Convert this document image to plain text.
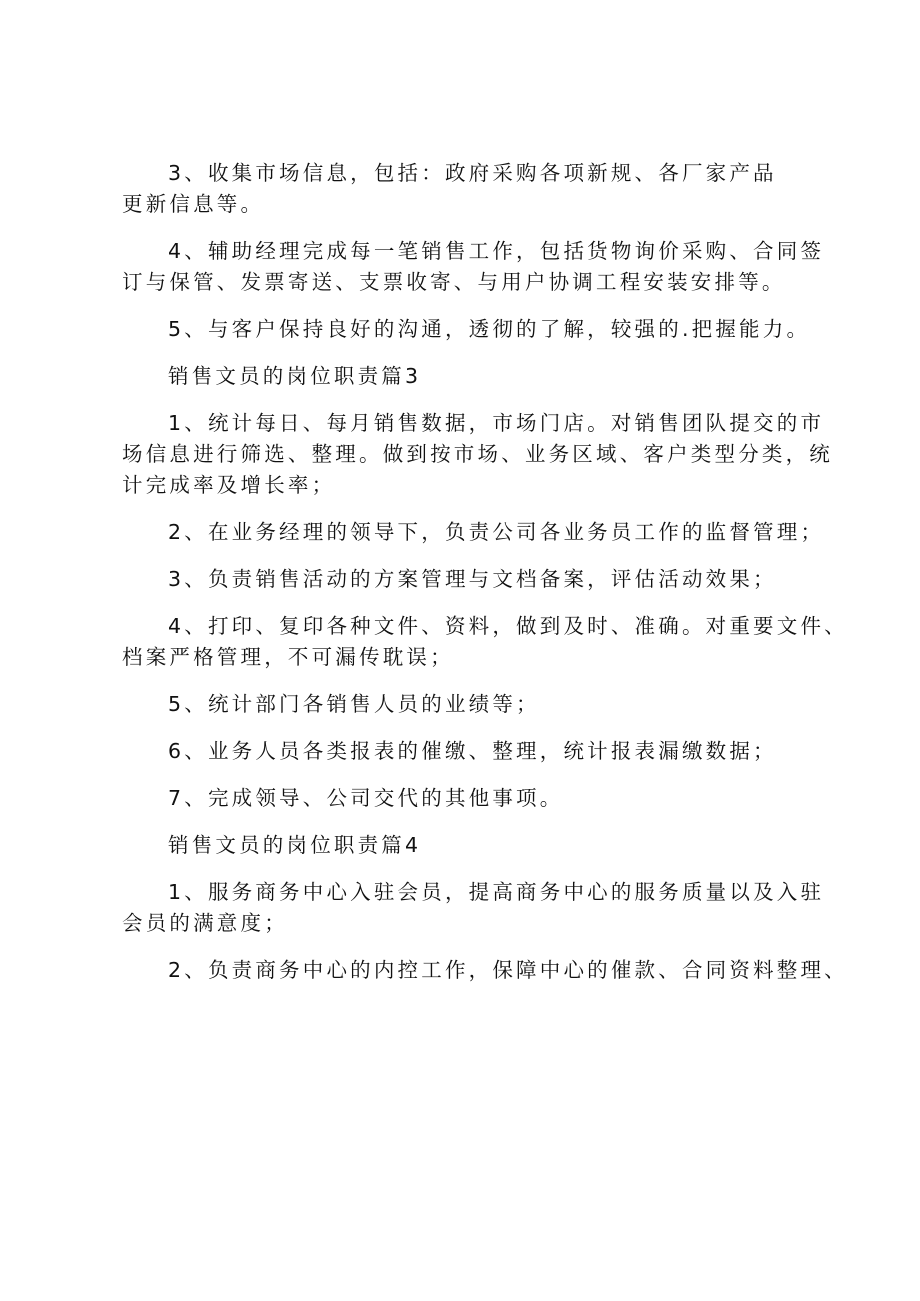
3、收集市场信息，包括：政府采购各项新规、各厂家产品
更新信息等。

4、辅助经理完成每一笔销售工作，包括货物询价采购、合同签
订与保管、发票寄送、支票收寄、与用户协调工程安装安排等。

5、与客户保持良好的沟通，透彻的了解，较强的.把握能力。

销售文员的岗位职责篇3

1、统计每日、每月销售数据，市场门店。对销售团队提交的市
场信息进行筛选、整理。做到按市场、业务区域、客户类型分类，统
计完成率及增长率；

2、在业务经理的领导下，负责公司各业务员工作的监督管理；

3、负责销售活动的方案管理与文档备案，评估活动效果；

4、打印、复印各种文件、资料，做到及时、准确。对重要文件、
档案严格管理，不可漏传耽误；

5、统计部门各销售人员的业绩等；

6、业务人员各类报表的催缴、整理，统计报表漏缴数据；

7、完成领导、公司交代的其他事项。

销售文员的岗位职责篇4

1、服务商务中心入驻会员，提高商务中心的服务质量以及入驻
会员的满意度；

2、负责商务中心的内控工作，保障中心的催款、合同资料整理、
